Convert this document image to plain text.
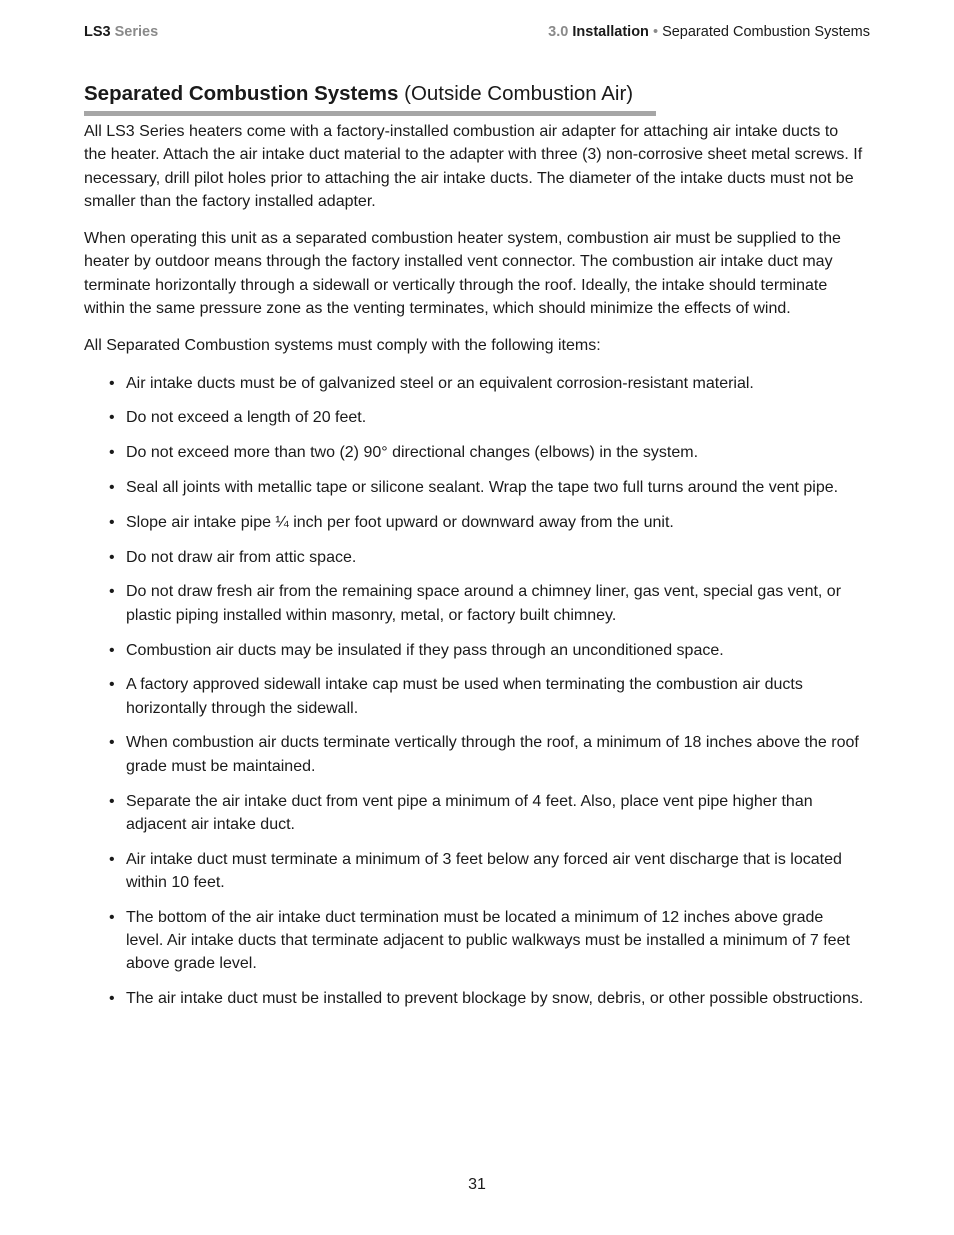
LS3 Series	3.0 Installation • Separated Combustion Systems
Separated Combustion Systems (Outside Combustion Air)

All LS3 Series heaters come with a factory-installed combustion air adapter for attaching air intake ducts to the heater. Attach the air intake duct material to the adapter with three (3) non-corrosive sheet metal screws. If necessary, drill pilot holes prior to attaching the air intake ducts. The diameter of the intake ducts must not be smaller than the factory installed adapter.

When operating this unit as a separated combustion heater system, combustion air must be supplied to the heater by outdoor means through the factory installed vent connector. The combustion air intake duct may terminate horizontally through a sidewall or vertically through the roof. Ideally, the intake should terminate within the same pressure zone as the venting terminates, which should minimize the effects of wind.

All Separated Combustion systems must comply with the following items:

• Air intake ducts must be of galvanized steel or an equivalent corrosion-resistant material.
• Do not exceed a length of 20 feet.
• Do not exceed more than two (2) 90° directional changes (elbows) in the system.
• Seal all joints with metallic tape or silicone sealant. Wrap the tape two full turns around the vent pipe.
• Slope air intake pipe ¼ inch per foot upward or downward away from the unit.
• Do not draw air from attic space.
• Do not draw fresh air from the remaining space around a chimney liner, gas vent, special gas vent, or plastic piping installed within masonry, metal, or factory built chimney.
• Combustion air ducts may be insulated if they pass through an unconditioned space.
• A factory approved sidewall intake cap must be used when terminating the combustion air ducts horizontally through the sidewall.
• When combustion air ducts terminate vertically through the roof, a minimum of 18 inches above the roof grade must be maintained.
• Separate the air intake duct from vent pipe a minimum of 4 feet. Also, place vent pipe higher than adjacent air intake duct.
• Air intake duct must terminate a minimum of 3 feet below any forced air vent discharge that is located within 10 feet.
• The bottom of the air intake duct termination must be located a minimum of 12 inches above grade level. Air intake ducts that terminate adjacent to public walkways must be installed a minimum of 7 feet above grade level.
• The air intake duct must be installed to prevent blockage by snow, debris, or other possible obstructions.
31
